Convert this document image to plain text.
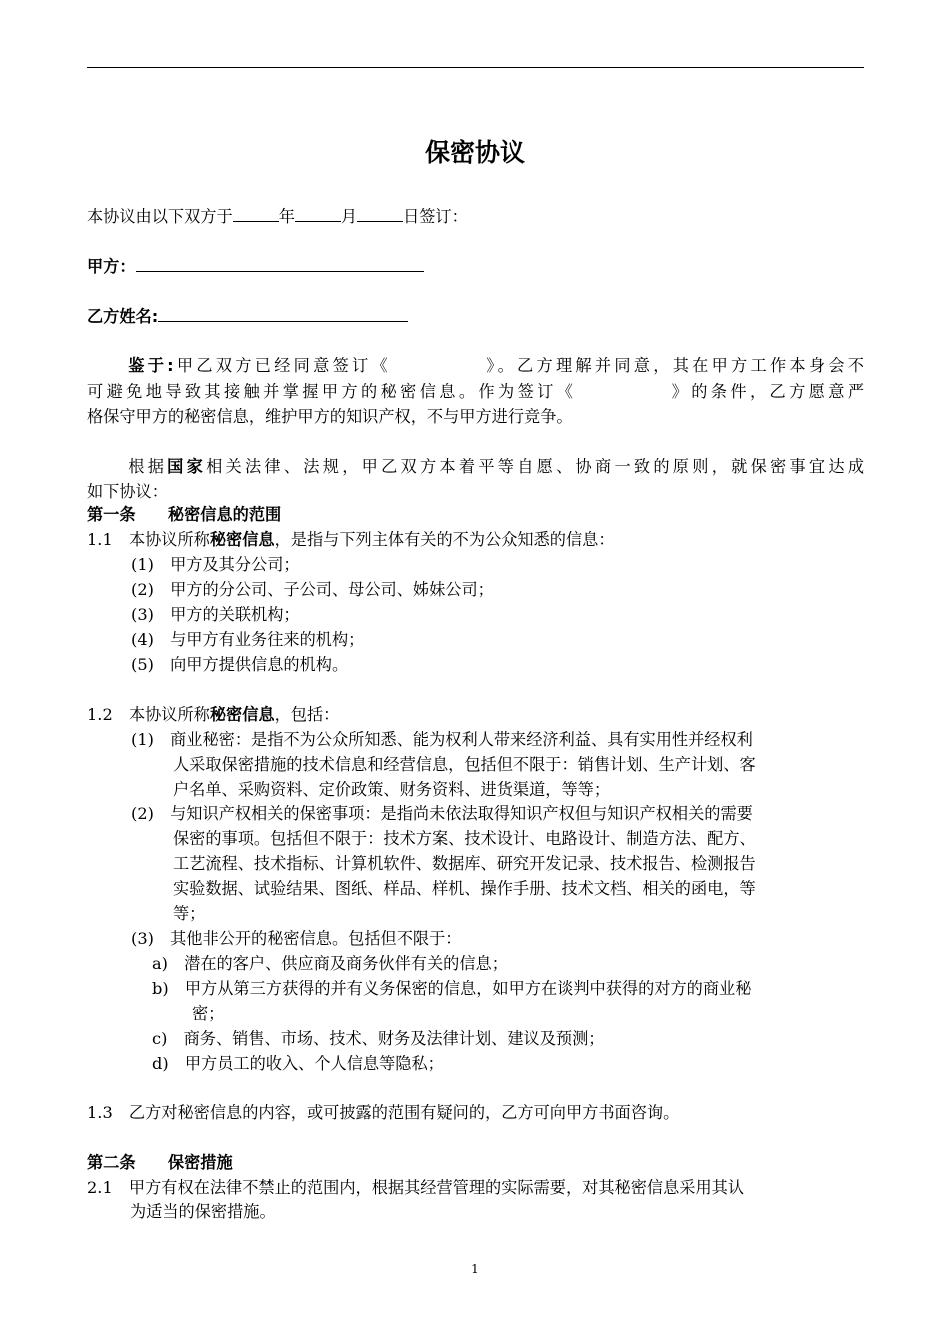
保密协议
本协议由以下双方于	年	月	日签订：
甲方：
乙方姓名:
鉴于:甲乙双方已经同意签订《	》。乙方理解并同意，其在甲方工作本身会不
可避免地导致其接触并掌握甲方的秘密信息。作为签订《	》的条件，乙方愿意严
格保守甲方的秘密信息，维护甲方的知识产权，不与甲方进行竞争。
根据国家相关法律、法规，甲乙双方本着平等自愿、协商一致的原则，就保密事宜达成
如下协议：
第一条　　秘密信息的范围
1.1　 本协议所称秘密信息，是指与下列主体有关的不为公众知悉的信息：
(1)　甲方及其分公司；
(2)　甲方的分公司、子公司、母公司、姊妹公司；
(3)　甲方的关联机构；
(4)　与甲方有业务往来的机构；
(5)　向甲方提供信息的机构。
1.2　 本协议所称秘密信息，包括：
(1)　商业秘密：是指不为公众所知悉、能为权利人带来经济利益、具有实用性并经权利
人采取保密措施的技术信息和经营信息，包括但不限于：销售计划、生产计划、客
户名单、采购资料、定价政策、财务资料、进货渠道，等等；
(2)　与知识产权相关的保密事项：是指尚未依法取得知识产权但与知识产权相关的需要
保密的事项。包括但不限于：技术方案、技术设计、电路设计、制造方法、配方、
工艺流程、技术指标、计算机软件、数据库、研究开发记录、技术报告、检测报告
实验数据、试验结果、图纸、样品、样机、操作手册、技术文档、相关的函电，等
等；
(3)　其他非公开的秘密信息。包括但不限于：
a)　潜在的客户、供应商及商务伙伴有关的信息；
b)　甲方从第三方获得的并有义务保密的信息，如甲方在谈判中获得的对方的商业秘
密；
c)　商务、销售、市场、技术、财务及法律计划、建议及预测；
d)　甲方员工的收入、个人信息等隐私；
1.3　乙方对秘密信息的内容，或可披露的范围有疑问的，乙方可向甲方书面咨询。
第二条　　保密措施
2.1　甲方有权在法律不禁止的范围内，根据其经营管理的实际需要，对其秘密信息采用其认
为适当的保密措施。
1
